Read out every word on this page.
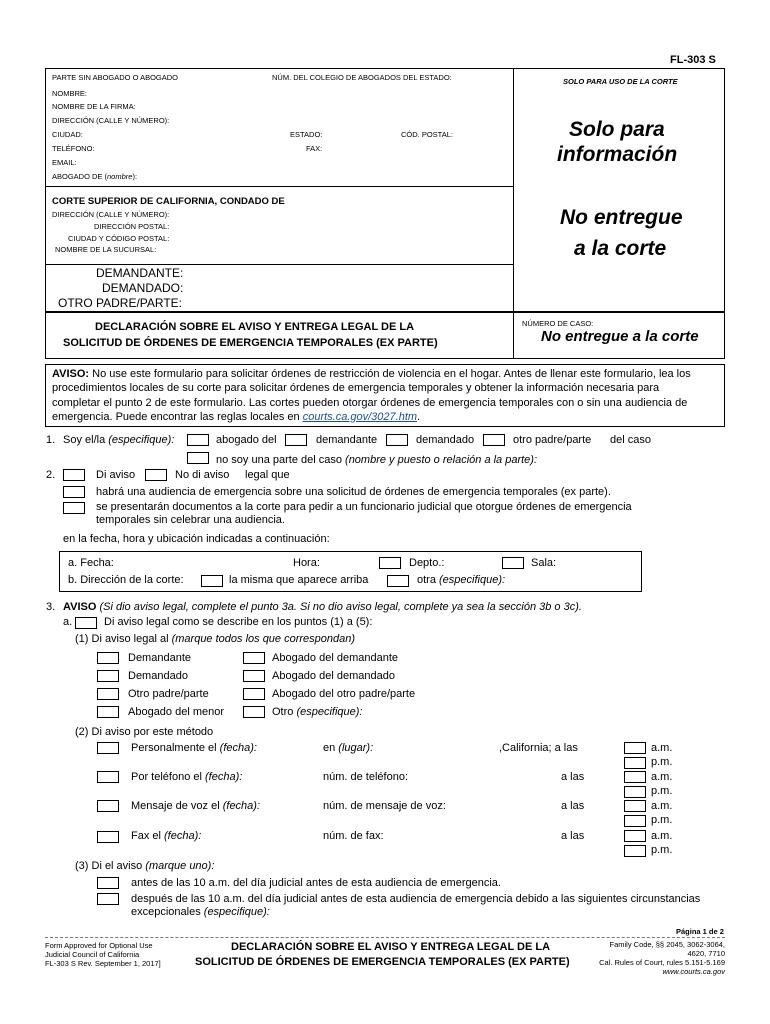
FL-303 S
PARTE SIN ABOGADO O ABOGADO	NÚM. DEL COLEGIO DE ABOGADOS DEL ESTADO:	SOLO PARA USO DE LA CORTE
NOMBRE:
NOMBRE DE LA FIRMA:
DIRECCIÓN (CALLE Y NÚMERO):
CIUDAD:	ESTADO:	CÓD. POSTAL:
TELÉFONO:	FAX:
EMAIL:
ABOGADO DE (nombre):
Solo para
información
No entregue
a la corte
CORTE SUPERIOR DE CALIFORNIA, CONDADO DE
DIRECCIÓN (CALLE Y NÚMERO):
DIRECCIÓN POSTAL:
CIUDAD Y CÓDIGO POSTAL:
NOMBRE DE LA SUCURSAL:
DEMANDANTE:
DEMANDADO:
OTRO PADRE/PARTE:
DECLARACIÓN SOBRE EL AVISO Y ENTREGA LEGAL DE LA
SOLICITUD DE ÓRDENES DE EMERGENCIA TEMPORALES (EX PARTE)
NÚMERO DE CASO:
No entregue a la corte
AVISO: No use este formulario para solicitar órdenes de restricción de violencia en el hogar. Antes de llenar este formulario, lea los
procedimientos locales de su corte para solicitar órdenes de emergencia temporales y obtener la información necesaria para
completar el punto 2 de este formulario. Las cortes pueden otorgar órdenes de emergencia temporales con o sin una audiencia de
emergencia. Puede encontrar las reglas locales en courts.ca.gov/3027.htm.
1. Soy el/la (especifique):	abogado del	demandante	demandado	otro padre/parte del caso
no soy una parte del caso (nombre y puesto o relación a la parte):
2.	Di aviso	No di aviso legal que
habrá una audiencia de emergencia sobre una solicitud de órdenes de emergencia temporales (ex parte).
se presentarán documentos a la corte para pedir a un funcionario judicial que otorgue órdenes de emergencia
temporales sin celebrar una audiencia.
en la fecha, hora y ubicación indicadas a continuación:
a. Fecha:	Hora:	Depto.:	Sala:
b. Dirección de la corte:	la misma que aparece arriba	otra (especifique):
3. AVISO (Si dio aviso legal, complete el punto 3a. Si no dio aviso legal, complete ya sea la sección 3b o 3c).
a.	Di aviso legal como se describe en los puntos (1) a (5):
(1) Di aviso legal al (marque todos los que correspondan)
Demandante	Abogado del demandante
Demandado	Abogado del demandado
Otro padre/parte	Abogado del otro padre/parte
Abogado del menor	Otro (especifique):
(2) Di aviso por este método
Personalmente el (fecha):	en (lugar):	,California; a las	a.m.
p.m.
Por teléfono el (fecha):	núm. de teléfono:	a las	a.m.
p.m.
Mensaje de voz el (fecha):	núm. de mensaje de voz:	a las	a.m.
p.m.
Fax el (fecha):	núm. de fax:	a las	a.m.
p.m.
(3) Di el aviso (marque uno):
antes de las 10 a.m. del día judicial antes de esta audiencia de emergencia.
después de las 10 a.m. del día judicial antes de esta audiencia de emergencia debido a las siguientes circunstancias
excepcionales (especifique):
Página 1 de 2
Form Approved for Optional Use
Judicial Council of California
FL-303 S Rev. September 1, 2017]
DECLARACIÓN SOBRE EL AVISO Y ENTREGA LEGAL DE LA
SOLICITUD DE ÓRDENES DE EMERGENCIA TEMPORALES (EX PARTE)
Family Code, §§ 2045, 3062-3064,
4620, 7710
Cal. Rules of Court, rules 5.151-5.169
www.courts.ca.gov
